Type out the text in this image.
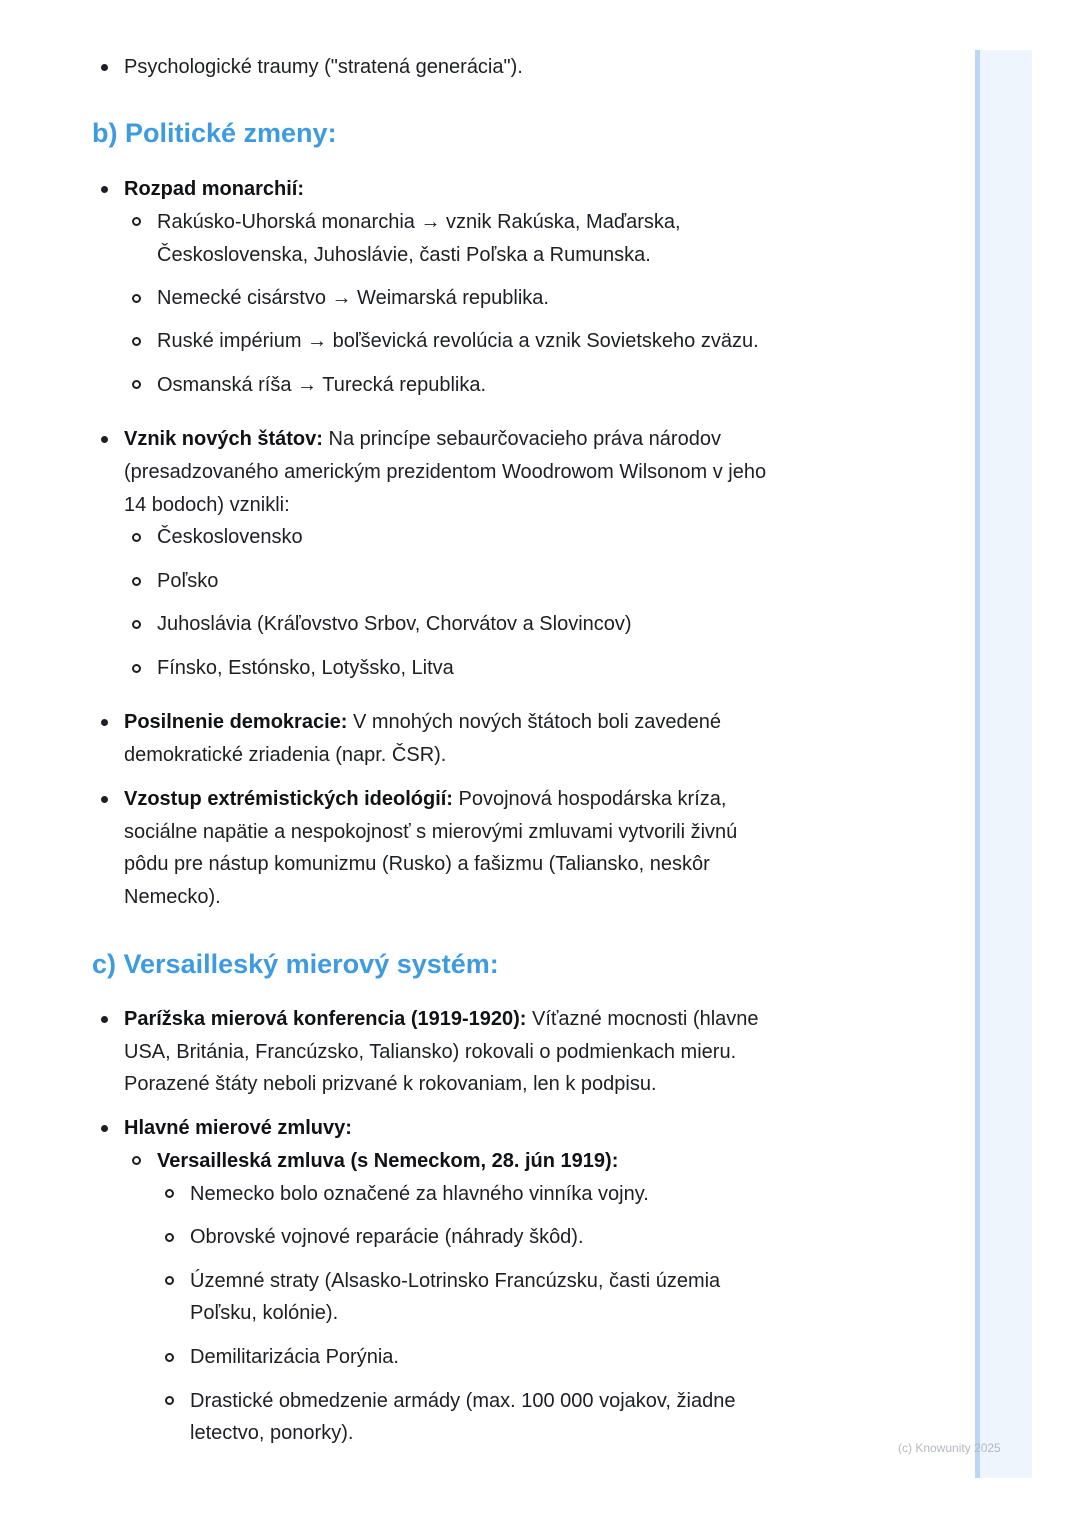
Psychologické traumy ("stratená generácia").
b) Politické zmeny:
Rozpad monarchií:
Rakúsko-Uhorská monarchia → vznik Rakúska, Maďarska,
Československa, Juhoslávie, časti Poľska a Rumunska.
Nemecké cisárstvo → Weimarská republika.
Ruské impérium → boľševická revolúcia a vznik Sovietskeho zväzu.
Osmanská ríša → Turecká republika.
Vznik nových štátov: Na princípe sebaurčovacieho práva národov
(presadzovaného americkým prezidentom Woodrowom Wilsonom v jeho
14 bodoch) vznikli:
Československo
Poľsko
Juhoslávia (Kráľovstvo Srbov, Chorvátov a Slovincov)
Fínsko, Estónsko, Lotyšsko, Litva
Posilnenie demokracie: V mnohých nových štátoch boli zavedené
demokratické zriadenia (napr. ČSR).
Vzostup extrémistických ideológií: Povojnová hospodárska kríza,
sociálne napätie a nespokojnosť s mierovými zmluvami vytvorili živnú
pôdu pre nástup komunizmu (Rusko) a fašizmu (Taliansko, neskôr
Nemecko).
c) Versailleský mierový systém:
Parížska mierová konferencia (1919-1920): Víťazné mocnosti (hlavne
USA, Británia, Francúzsko, Taliansko) rokovali o podmienkach mieru.
Porazené štáty neboli prizvané k rokovaniam, len k podpisu.
Hlavné mierové zmluvy:
Versailleská zmluva (s Nemeckom, 28. jún 1919):
Nemecko bolo označené za hlavného vinníka vojny.
Obrovské vojnové reparácie (náhrady škôd).
Územné straty (Alsasko-Lotrinsko Francúzsku, časti územia
Poľsku, kolónie).
Demilitarizácia Porýnia.
Drastické obmedzenie armády (max. 100 000 vojakov, žiadne
letectvo, ponorky).
(c) Knowunity 2025
